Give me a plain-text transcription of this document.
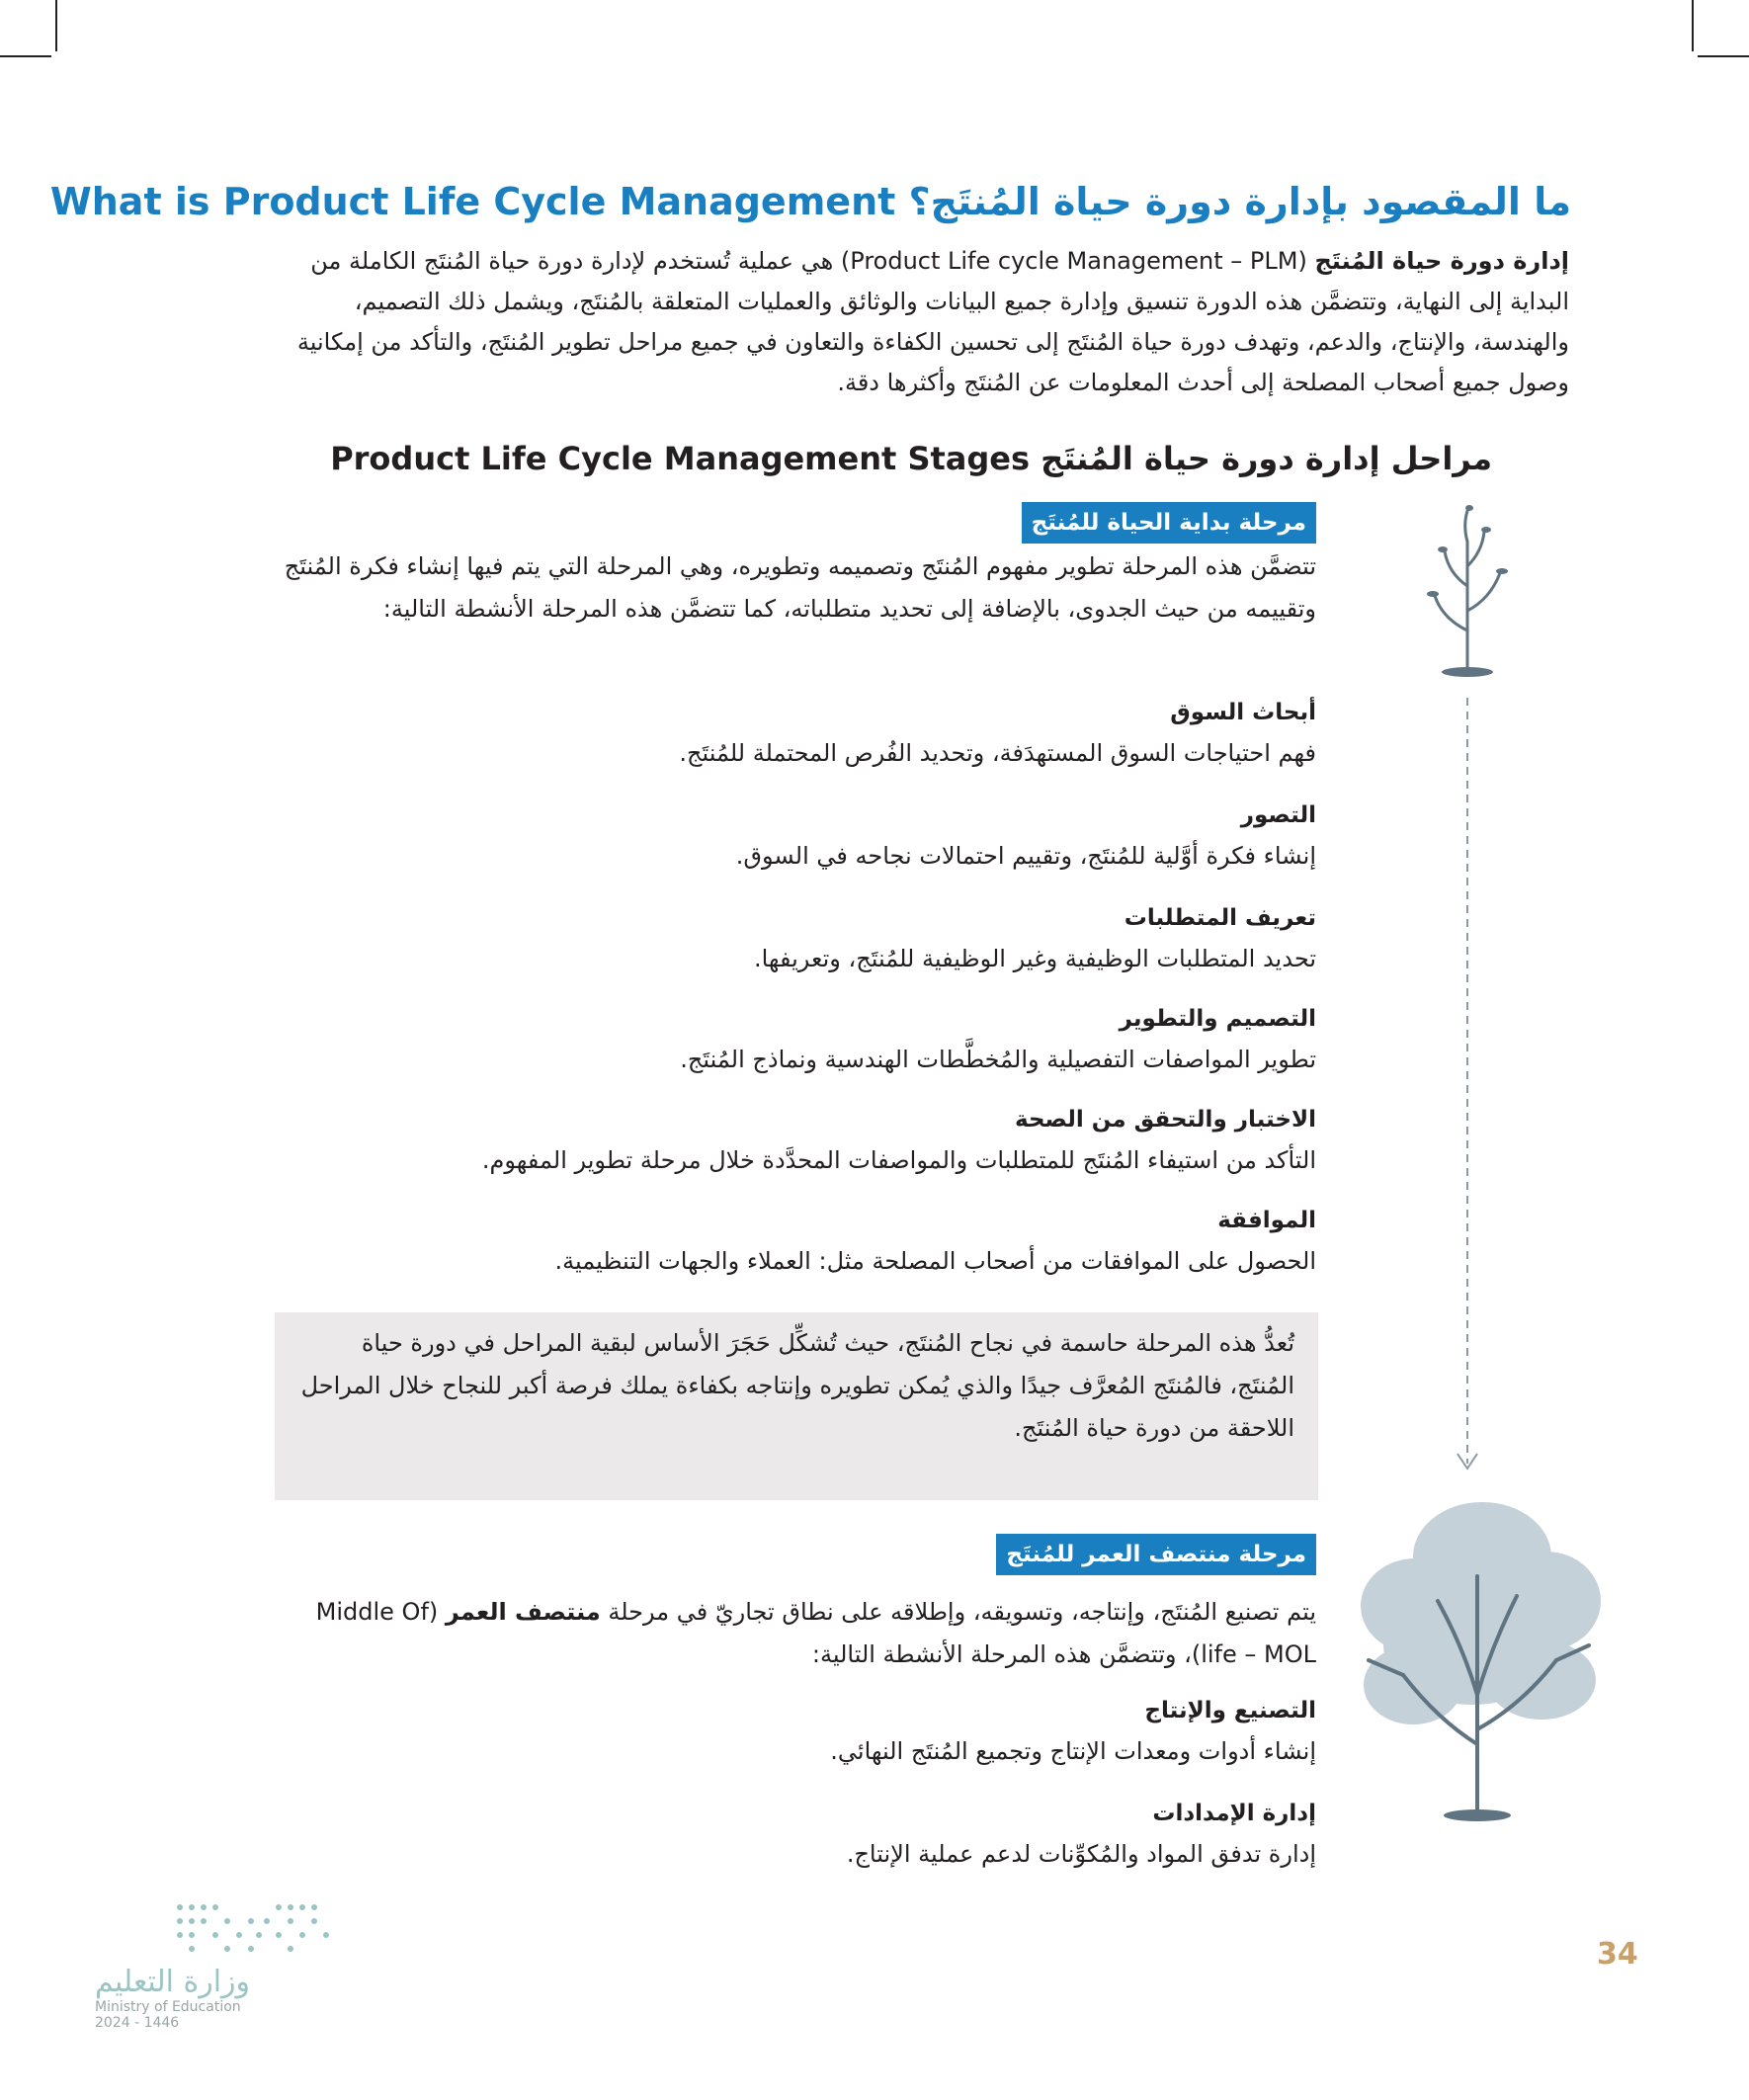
ما المقصود بإدارة دورة حياة المُنتَج؟ What is Product Life Cycle Management
إدارة دورة حياة المُنتَج (Product Life cycle Management – PLM) هي عملية تُستخدم لإدارة دورة حياة المُنتَج الكاملة من البداية إلى النهاية، وتتضمَّن هذه الدورة تنسيق وإدارة جميع البيانات والوثائق والعمليات المتعلقة بالمُنتَج، ويشمل ذلك التصميم، والهندسة، والإنتاج، والدعم، وتهدف دورة حياة المُنتَج إلى تحسين الكفاءة والتعاون في جميع مراحل تطوير المُنتَج، والتأكد من إمكانية وصول جميع أصحاب المصلحة إلى أحدث المعلومات عن المُنتَج وأكثرها دقة.
مراحل إدارة دورة حياة المُنتَج Product Life Cycle Management Stages
مرحلة بداية الحياة للمُنتَج
تتضمَّن هذه المرحلة تطوير مفهوم المُنتَج وتصميمه وتطويره، وهي المرحلة التي يتم فيها إنشاء فكرة المُنتَج وتقييمه من حيث الجدوى، بالإضافة إلى تحديد متطلباته، كما تتضمَّن هذه المرحلة الأنشطة التالية:
أبحاث السوق
فهم احتياجات السوق المستهدَفة، وتحديد الفُرص المحتملة للمُنتَج.
التصور
إنشاء فكرة أوَّلية للمُنتَج، وتقييم احتمالات نجاحه في السوق.
تعريف المتطلبات
تحديد المتطلبات الوظيفية وغير الوظيفية للمُنتَج، وتعريفها.
التصميم والتطوير
تطوير المواصفات التفصيلية والمُخطَّطات الهندسية ونماذج المُنتَج.
الاختبار والتحقق من الصحة
التأكد من استيفاء المُنتَج للمتطلبات والمواصفات المحدَّدة خلال مرحلة تطوير المفهوم.
الموافقة
الحصول على الموافقات من أصحاب المصلحة مثل: العملاء والجهات التنظيمية.
تُعدُّ هذه المرحلة حاسمة في نجاح المُنتَج، حيث تُشكِّل حَجَرَ الأساس لبقية المراحل في دورة حياة المُنتَج، فالمُنتَج المُعرَّف جيدًا والذي يُمكن تطويره وإنتاجه بكفاءة يملك فرصة أكبر للنجاح خلال المراحل اللاحقة من دورة حياة المُنتَج.
مرحلة منتصف العمر للمُنتَج
يتم تصنيع المُنتَج، وإنتاجه، وتسويقه، وإطلاقه على نطاق تجاريّ في مرحلة منتصف العمر (Middle Of life – MOL)، وتتضمَّن هذه المرحلة الأنشطة التالية:
التصنيع والإنتاج
إنشاء أدوات ومعدات الإنتاج وتجميع المُنتَج النهائي.
إدارة الإمدادات
إدارة تدفق المواد والمُكوِّنات لدعم عملية الإنتاج.
34
وزارة التعليم
Ministry of Education
2024 - 1446
